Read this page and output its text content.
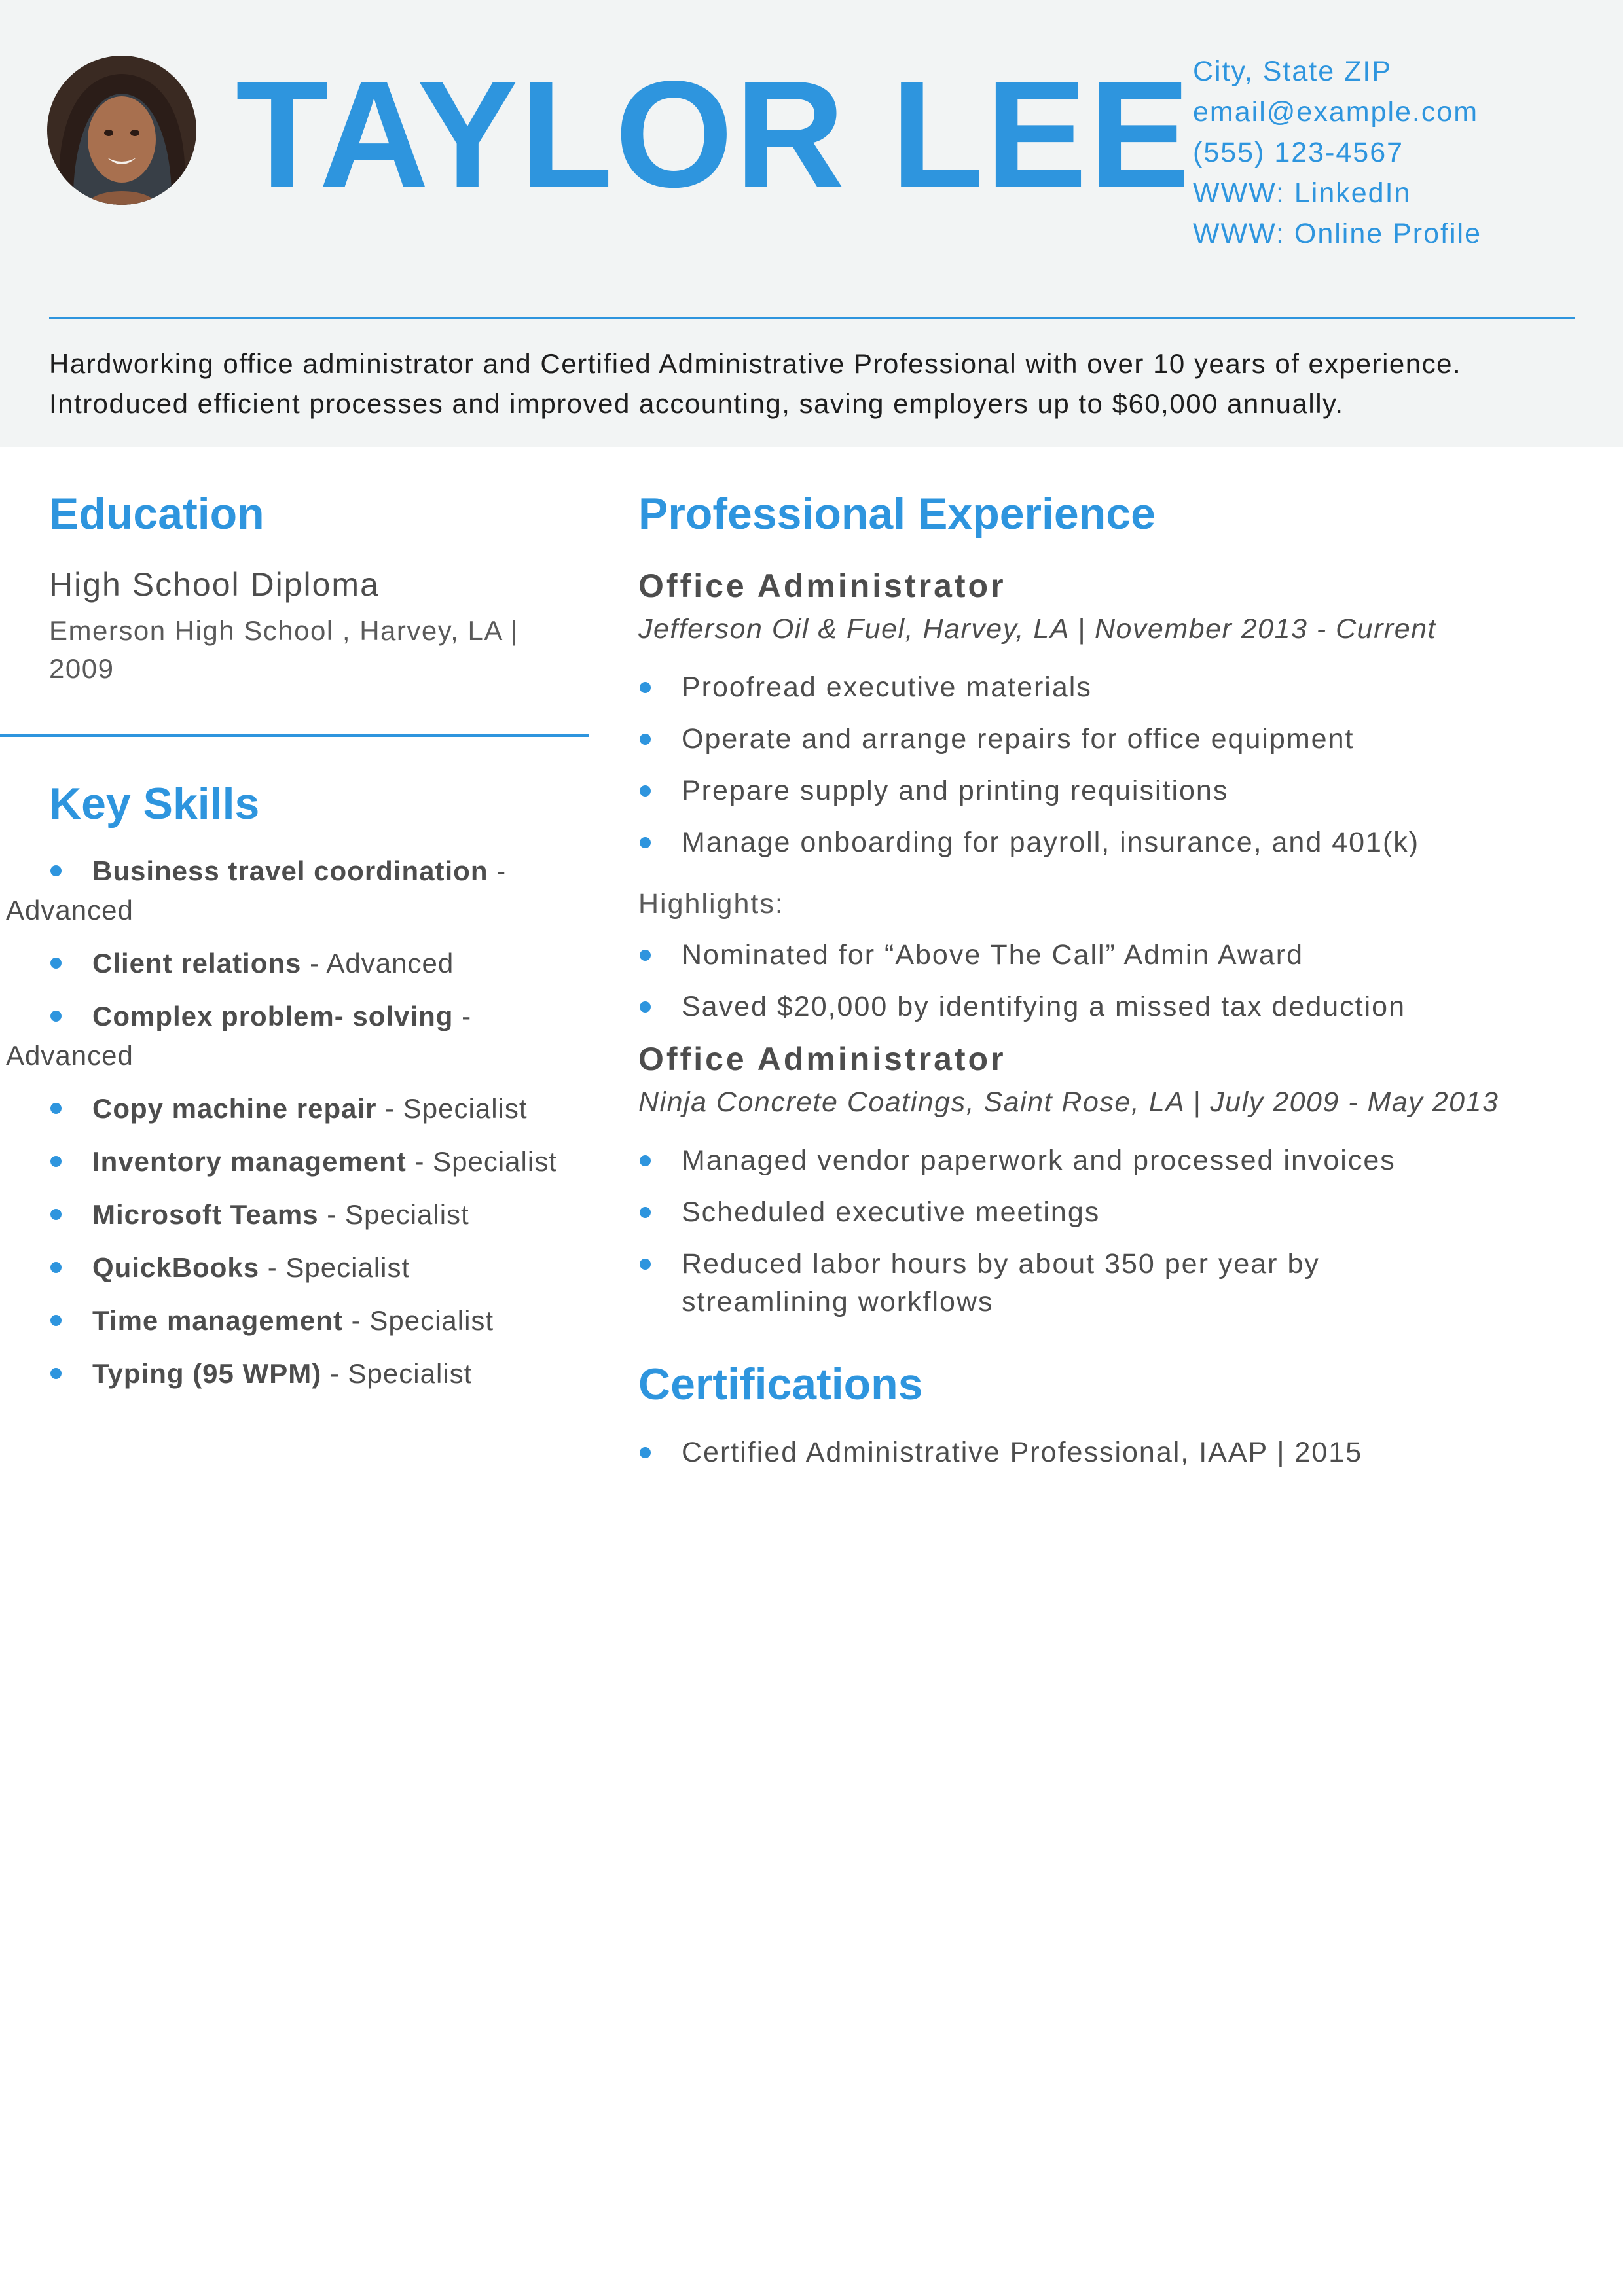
TAYLOR LEE City, State ZIP
email@example.com
(555) 123-4567
WWW: LinkedIn
WWW: Online Profile
Hardworking office administrator and Certified Administrative Professional with over 10 years of experience.
Introduced efficient processes and improved accounting, saving employers up to $60,000 annually.
Education
High School Diploma
Emerson High School , Harvey, LA |
2009
Key Skills
Business travel coordination -
Advanced
Client relations - Advanced
Complex problem- solving -
Advanced
Copy machine repair - Specialist
Inventory management - Specialist
Microsoft Teams - Specialist
QuickBooks - Specialist
Time management - Specialist
Typing (95 WPM) - Specialist
Professional Experience
Office Administrator
Jefferson Oil & Fuel, Harvey, LA | November 2013 - Current
Proofread executive materials
Operate and arrange repairs for office equipment
Prepare supply and printing requisitions
Manage onboarding for payroll, insurance, and 401(k)
Highlights:
Nominated for “Above The Call” Admin Award
Saved $20,000 by identifying a missed tax deduction
Office Administrator
Ninja Concrete Coatings, Saint Rose, LA | July 2009 - May 2013
Managed vendor paperwork and processed invoices
Scheduled executive meetings
Reduced labor hours by about 350 per year by streamlining workflows
Certifications
Certified Administrative Professional, IAAP | 2015
